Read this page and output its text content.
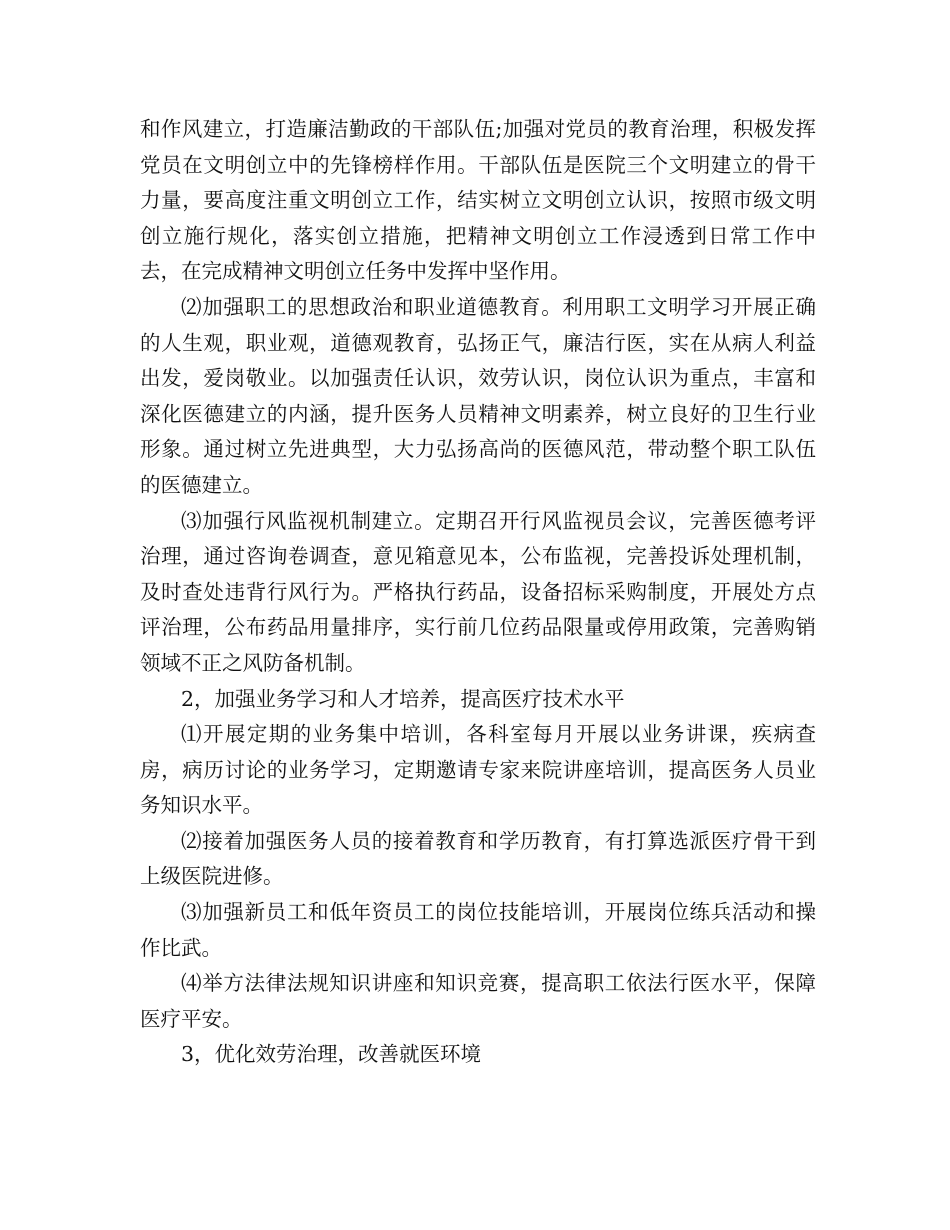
和作风建立，打造廉洁勤政的干部队伍;加强对党员的教育治理，积极发挥党员在文明创立中的先锋榜样作用。干部队伍是医院三个文明建立的骨干力量，要高度注重文明创立工作，结实树立文明创立认识，按照市级文明创立施行规化，落实创立措施，把精神文明创立工作浸透到日常工作中去，在完成精神文明创立任务中发挥中坚作用。

⑵加强职工的思想政治和职业道德教育。利用职工文明学习开展正确的人生观，职业观，道德观教育，弘扬正气，廉洁行医，实在从病人利益出发，爱岗敬业。以加强责任认识，效劳认识，岗位认识为重点，丰富和深化医德建立的内涵，提升医务人员精神文明素养，树立良好的卫生行业形象。通过树立先进典型，大力弘扬高尚的医德风范，带动整个职工队伍的医德建立。

⑶加强行风监视机制建立。定期召开行风监视员会议，完善医德考评治理，通过咨询卷调查，意见箱意见本，公布监视，完善投诉处理机制，及时查处违背行风行为。严格执行药品，设备招标采购制度，开展处方点评治理，公布药品用量排序，实行前几位药品限量或停用政策，完善购销领域不正之风防备机制。

2，加强业务学习和人才培养，提高医疗技术水平

⑴开展定期的业务集中培训，各科室每月开展以业务讲课，疾病查房，病历讨论的业务学习，定期邀请专家来院讲座培训，提高医务人员业务知识水平。

⑵接着加强医务人员的接着教育和学历教育，有打算选派医疗骨干到上级医院进修。

⑶加强新员工和低年资员工的岗位技能培训，开展岗位练兵活动和操作比武。

⑷举方法律法规知识讲座和知识竞赛，提高职工依法行医水平，保障医疗平安。

3，优化效劳治理，改善就医环境
